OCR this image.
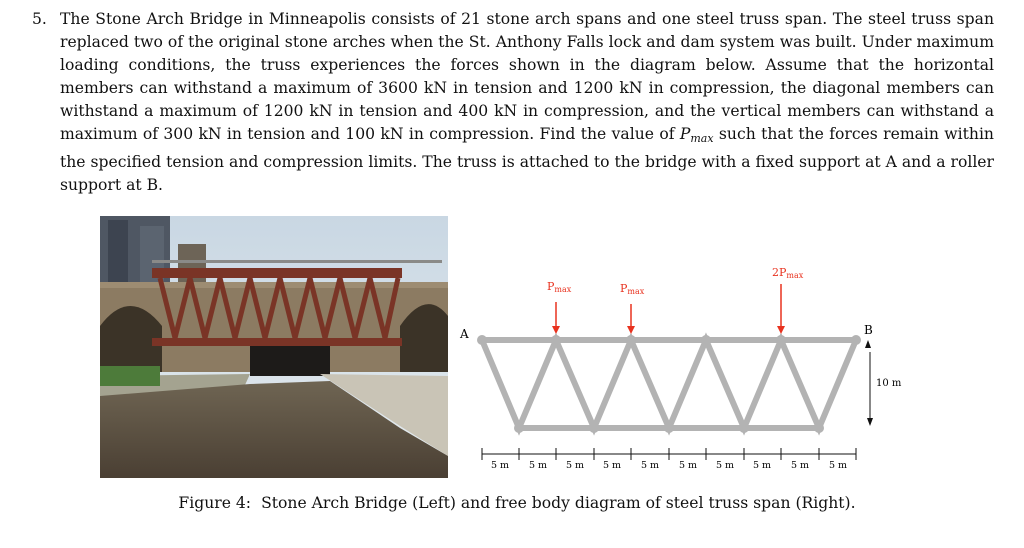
5. The Stone Arch Bridge in Minneapolis consists of 21 stone arch spans and one steel truss span. The steel truss span replaced two of the original stone arches when the St. Anthony Falls lock and dam system was built. Under maximum loading conditions, the truss experiences the forces shown in the diagram below. Assume that the horizontal members can withstand a maximum of 3600 kN in tension and 1200 kN in compression, the diagonal members can withstand a maximum of 1200 kN in tension and 400 kN in compression, and the vertical members can withstand a maximum of 300 kN in tension and 100 kN in compression. Find the value of $P_{max}$ such that the forces remain within the specified tension and compression limits. The truss is attached to the bridge with a fixed support at A and a roller support at B.
A	B
Pmax	Pmax
2Pmax
10 m
5 m 5 m 5 m 5 m 5 m 5 m 5 m 5 m 5 m 5 m
Figure 4: Stone Arch Bridge (Left) and free body diagram of steel truss span (Right).
